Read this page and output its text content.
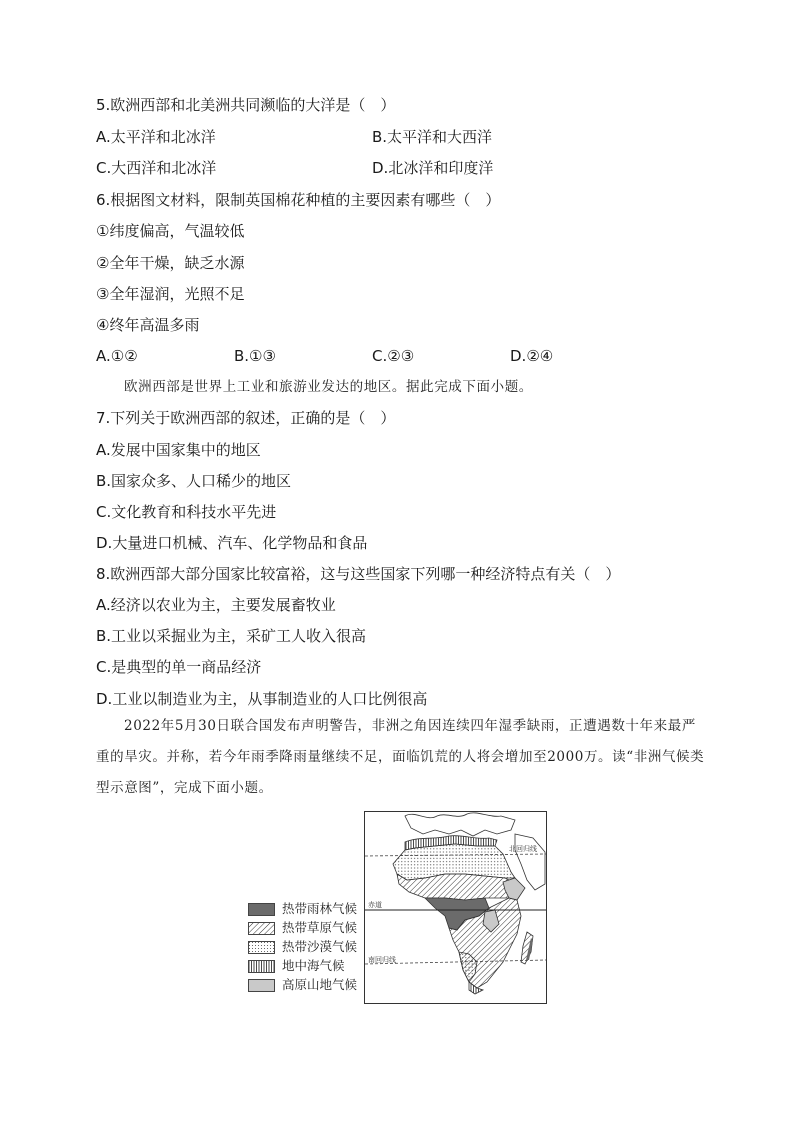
5.欧洲西部和北美洲共同濒临的大洋是（　）
A.太平洋和北冰洋	B.太平洋和大西洋
C.大西洋和北冰洋	D.北冰洋和印度洋
6.根据图文材料，限制英国棉花种植的主要因素有哪些（　）
①纬度偏高，气温较低
②全年干燥，缺乏水源
③全年湿润，光照不足
④终年高温多雨
A.①②	B.①③	C.②③	D.②④
欧洲西部是世界上工业和旅游业发达的地区。据此完成下面小题。
7.下列关于欧洲西部的叙述，正确的是（　）
A.发展中国家集中的地区
B.国家众多、人口稀少的地区
C.文化教育和科技水平先进
D.大量进口机械、汽车、化学物品和食品
8.欧洲西部大部分国家比较富裕，这与这些国家下列哪一种经济特点有关（　）
A.经济以农业为主，主要发展畜牧业
B.工业以采掘业为主，采矿工人收入很高
C.是典型的单一商品经济
D.工业以制造业为主，从事制造业的人口比例很高
2022年5月30日联合国发布声明警告，非洲之角因连续四年湿季缺雨，正遭遇数十年来最严重的旱灾。并称，若今年雨季降雨量继续不足，面临饥荒的人将会增加至2000万。读“非洲气候类型示意图”，完成下面小题。
热带雨林气候
热带草原气候
热带沙漠气候
地中海气候
高原山地气候
北回归线
赤道
南回归线
